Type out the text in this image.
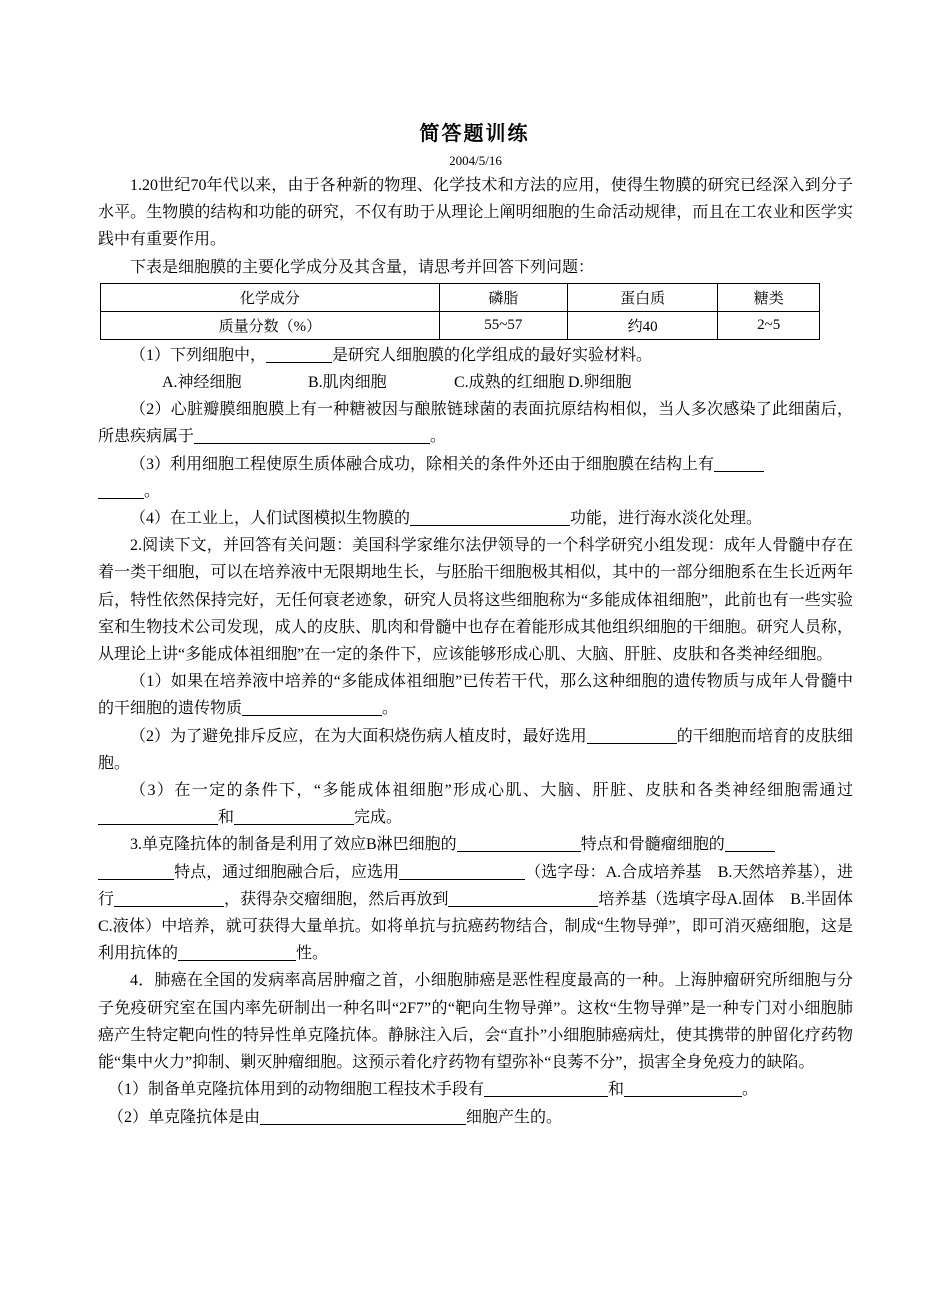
简答题训练
2004/5/16

1.20世纪70年代以来，由于各种新的物理、化学技术和方法的应用，使得生物膜的研究已经深入到分子水平。生物膜的结构和功能的研究，不仅有助于从理论上阐明细胞的生命活动规律，而且在工农业和医学实践中有重要作用。

下表是细胞膜的主要化学成分及其含量，请思考并回答下列问题：

化学成分	磷脂	蛋白质	糖类
质量分数（%）	55~57	约40	2~5

（1）下列细胞中，	是研究人细胞膜的化学组成的最好实验材料。

A.神经细胞	B.肌肉细胞	C.成熟的红细胞 D.卵细胞

（2）心脏瓣膜细胞膜上有一种糖被因与酿脓链球菌的表面抗原结构相似，当人多次感染了此细菌后，所患疾病属于	。

（3）利用细胞工程使原生质体融合成功，除相关的条件外还由于细胞膜在结构上有
。

（4）在工业上，人们试图模拟生物膜的	功能，进行海水淡化处理。

2.阅读下文，并回答有关问题：美国科学家维尔法伊领导的一个科学研究小组发现：成年人骨髓中存在着一类干细胞，可以在培养液中无限期地生长，与胚胎干细胞极其相似，其中的一部分细胞系在生长近两年后，特性依然保持完好，无任何衰老迹象，研究人员将这些细胞称为“多能成体祖细胞”，此前也有一些实验室和生物技术公司发现，成人的皮肤、肌肉和骨髓中也存在着能形成其他组织细胞的干细胞。研究人员称，从理论上讲“多能成体祖细胞”在一定的条件下，应该能够形成心肌、大脑、肝脏、皮肤和各类神经细胞。

（1）如果在培养液中培养的“多能成体祖细胞”已传若干代，那么这种细胞的遗传物质与成年人骨髓中的干细胞的遗传物质	。

（2）为了避免排斥反应，在为大面积烧伤病人植皮时，最好选用	的干细胞而培育的皮肤细胞。

（3）在一定的条件下，“多能成体祖细胞”形成心肌、大脑、肝脏、皮肤和各类神经细胞需通过和	完成。

3.单克隆抗体的制备是利用了效应B淋巴细胞的	特点和骨髓瘤细胞的
特点，通过细胞融合后，应选用	（选字母：A.合成培养基　B.天然培养基），进行	，获得杂交瘤细胞，然后再放到	培养基（选填字母A.固体　B.半固体　C.液体）中培养，就可获得大量单抗。如将单抗与抗癌药物结合，制成“生物导弹”，即可消灭癌细胞，这是利用抗体的	性。

4．肺癌在全国的发病率高居肿瘤之首，小细胞肺癌是恶性程度最高的一种。上海肿瘤研究所细胞与分子免疫研究室在国内率先研制出一种名叫“2F7”的“靶向生物导弹”。这枚“生物导弹”是一种专门对小细胞肺癌产生特定靶向性的特异性单克隆抗体。静脉注入后，会“直扑”小细胞肺癌病灶，使其携带的肿留化疗药物能“集中火力”抑制、剿灭肿瘤细胞。这预示着化疗药物有望弥补“良莠不分”，损害全身免疫力的缺陷。

（1）制备单克隆抗体用到的动物细胞工程技术手段有	和	。

（2）单克隆抗体是由	细胞产生的。
